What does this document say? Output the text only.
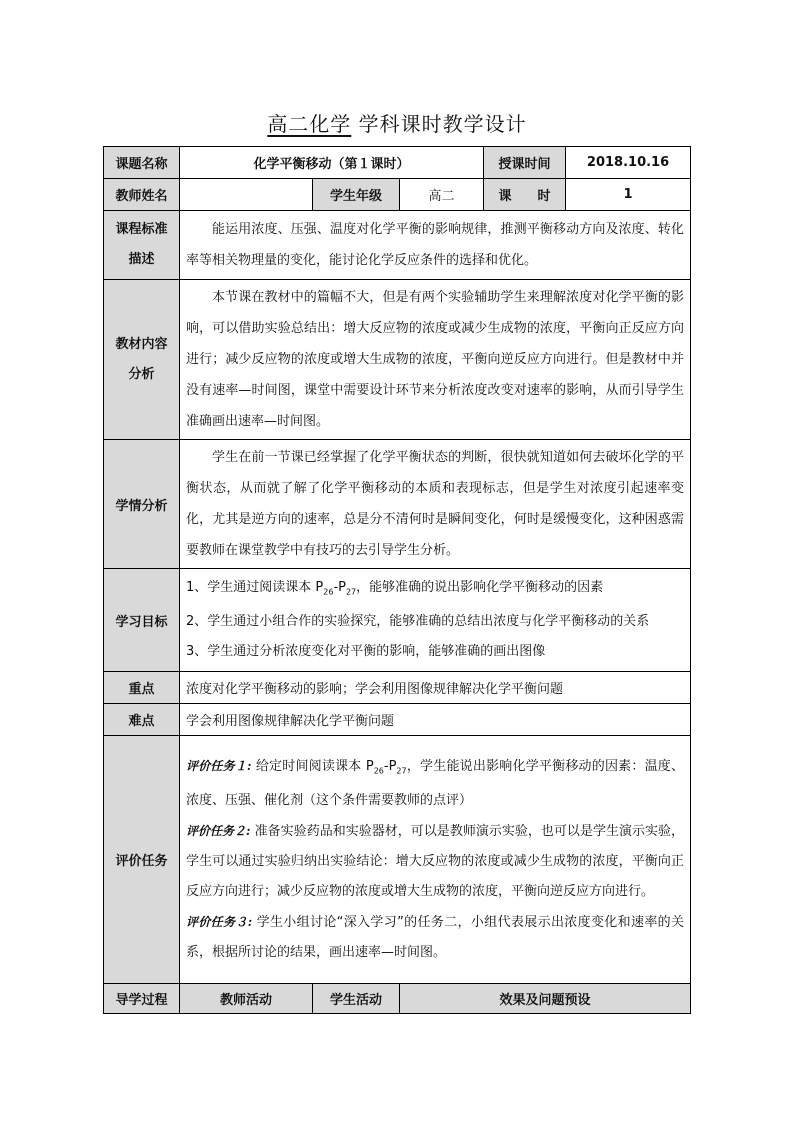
高二化学 学科课时教学设计
课题名称	化学平衡移动（第１课时）			授课时间	2018.10.16
教师姓名		学生年级	高二	课　　时	1

课程标准
描述	能运用浓度、压强、温度对化学平衡的影响规律，推测平衡移动方向及浓度、转化率等相关物理量的变化，能讨论化学反应条件的选择和优化。				

教材内容
分析	本节课在教材中的篇幅不大，但是有两个实验辅助学生来理解浓度对化学平衡的影响，可以借助实验总结出：增大反应物的浓度或减少生成物的浓度，平衡向正反应方向进行；减少反应物的浓度或增大生成物的浓度，平衡向逆反应方向进行。但是教材中并没有速率—时间图，课堂中需要设计环节来分析浓度改变对速率的影响，从而引导学生准确画出速率—时间图。				
学情分析	学生在前一节课已经掌握了化学平衡状态的判断，很快就知道如何去破坏化学的平衡状态，从而就了解了化学平衡移动的本质和表现标志，但是学生对浓度引起速率变化，尤其是逆方向的速率，总是分不清何时是瞬间变化，何时是缓慢变化，这种困惑需要教师在课堂教学中有技巧的去引导学生分析。				
学习目标	1、学生通过阅读课本 $P_{26}-P_{27}$，能够准确的说出影响化学平衡移动的因素
2、学生通过小组合作的实验探究，能够准确的总结出浓度与化学平衡移动的关系
3、学生通过分析浓度变化对平衡的影响，能够准确的画出图像				

重点	浓度对化学平衡移动的影响；学会利用图像规律解决化学平衡问题				
难点	学会利用图像规律解决化学平衡问题				
评价任务	评价任务１: 给定时间阅读课本 $P_{26}-P_{27}$，学生能说出影响化学平衡移动的因素：温度、浓度、压强、催化剂（这个条件需要教师的点评）

评价任务２: 准备实验药品和实验器材，可以是教师演示实验，也可以是学生演示实验，学生可以通过实验归纳出实验结论：增大反应物的浓度或减少生成物的浓度，平衡向正反应方向进行；减少反应物的浓度或增大生成物的浓度，平衡向逆反应方向进行。

评价任务３: 学生小组讨论“深入学习”的任务二，小组代表展示出浓度变化和速率的关系，根据所讨论的结果，画出速率—时间图。				

导学过程	教师活动	学生活动	效果及问题预设		
